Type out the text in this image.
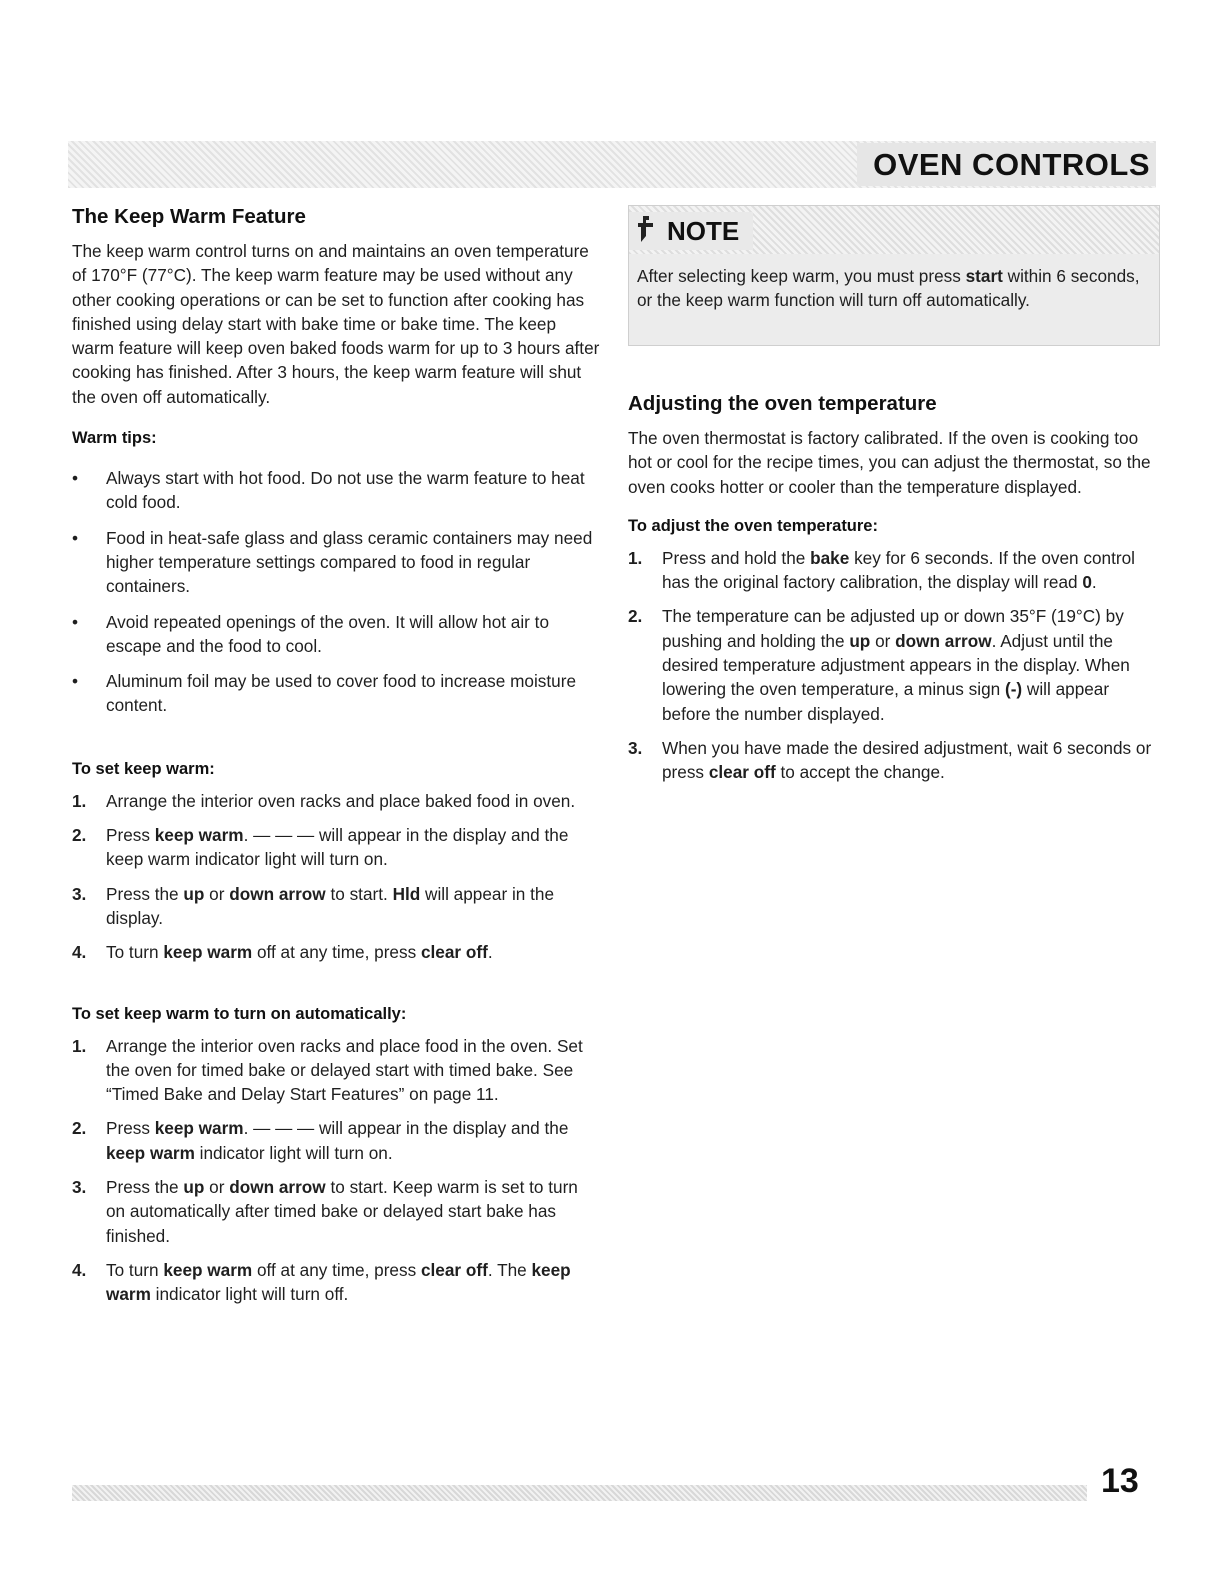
OVEN CONTROLS
The Keep Warm Feature

The keep warm control turns on and maintains an oven temperature of 170°F (77°C). The keep warm feature may be used without any other cooking operations or can be set to function after cooking has finished using delay start with bake time or bake time. The keep warm feature will keep oven baked foods warm for up to 3 hours after cooking has finished. After 3 hours, the keep warm feature will shut the oven off automatically.

Warm tips:
• Always start with hot food. Do not use the warm feature to heat cold food.
• Food in heat-safe glass and glass ceramic containers may need higher temperature settings compared to food in regular containers.
• Avoid repeated openings of the oven. It will allow hot air to escape and the food to cool.
• Aluminum foil may be used to cover food to increase moisture content.
To set keep warm:
1. Arrange the interior oven racks and place baked food in oven.
2. Press keep warm. — — — will appear in the display and the keep warm indicator light will turn on.
3. Press the up or down arrow to start. Hld will appear in the display.
4. To turn keep warm off at any time, press clear off.
To set keep warm to turn on automatically:
1. Arrange the interior oven racks and place food in the oven. Set the oven for timed bake or delayed start with timed bake. See “Timed Bake and Delay Start Features” on page 11.
2. Press keep warm. — — — will appear in the display and the keep warm indicator light will turn on.
3. Press the up or down arrow to start. Keep warm is set to turn on automatically after timed bake or delayed start bake has finished.
4. To turn keep warm off at any time, press clear off. The keep warm indicator light will turn off.
NOTE
After selecting keep warm, you must press start within 6 seconds, or the keep warm function will turn off automatically.
Adjusting the oven temperature

The oven thermostat is factory calibrated. If the oven is cooking too hot or cool for the recipe times, you can adjust the thermostat, so the oven cooks hotter or cooler than the temperature displayed.

To adjust the oven temperature:
1. Press and hold the bake key for 6 seconds. If the oven control has the original factory calibration, the display will read 0.
2. The temperature can be adjusted up or down 35°F (19°C) by pushing and holding the up or down arrow. Adjust until the desired temperature adjustment appears in the display. When lowering the oven temperature, a minus sign (-) will appear before the number displayed.
3. When you have made the desired adjustment, wait 6 seconds or press clear off to accept the change.
13
